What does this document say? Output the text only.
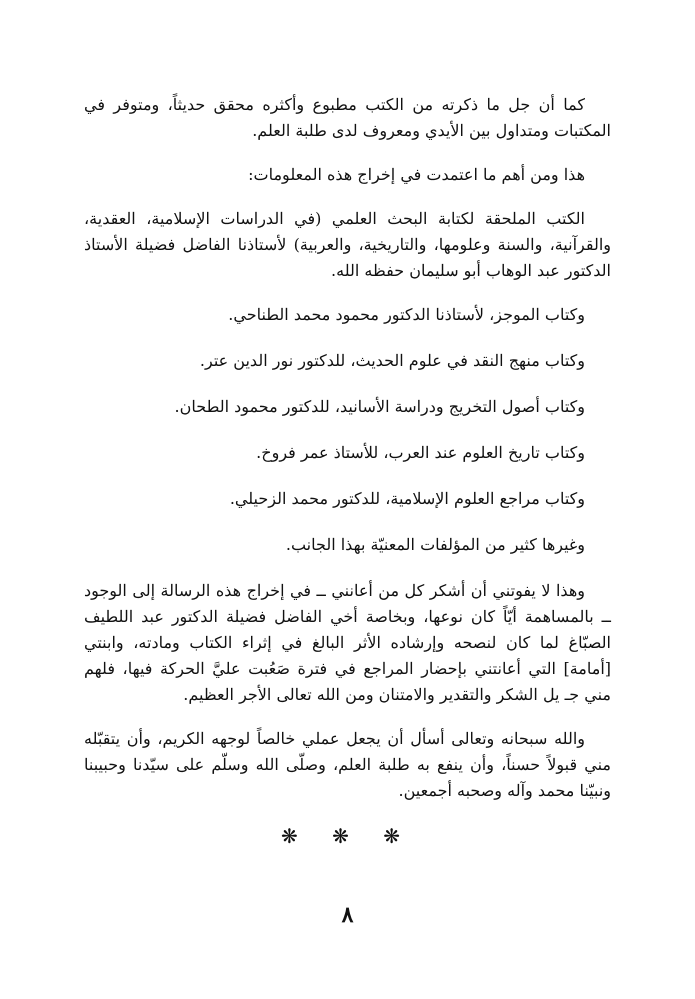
كما أن جل ما ذكرته من الكتب مطبوع وأكثره محقق حديثاً، ومتوفر في المكتبات ومتداول بين الأيدي ومعروف لدى طلبة العلم.

هذا ومن أهم ما اعتمدت في إخراج هذه المعلومات:

الكتب الملحقة لكتابة البحث العلمي (في الدراسات الإسلامية، العقدية، والقرآنية، والسنة وعلومها، والتاريخية، والعربية) لأستاذنا الفاضل فضيلة الأستاذ الدكتور عبد الوهاب أبو سليمان حفظه الله.

وكتاب الموجز، لأستاذنا الدكتور محمود محمد الطناحي.

وكتاب منهج النقد في علوم الحديث، للدكتور نور الدين عتر.

وكتاب أصول التخريج ودراسة الأسانيد، للدكتور محمود الطحان.

وكتاب تاريخ العلوم عند العرب، للأستاذ عمر فروخ.

وكتاب مراجع العلوم الإسلامية، للدكتور محمد الزحيلي.

وغيرها كثير من المؤلفات المعنيّة بهذا الجانب.

وهذا لا يفوتني أن أشكر كل من أعانني ــ في إخراج هذه الرسالة إلى الوجود ــ بالمساهمة أيّاً كان نوعها، وبخاصة أخي الفاضل فضيلة الدكتور عبد اللطيف الصبّاغ لما كان لنصحه وإرشاده الأثر البالغ في إثراء الكتاب ومادته، وابنتي [أمامة] التي أعانتني بإحضار المراجع في فترة صَعُبت عليَّ الحركة فيها، فلهم مني جـ يل الشكر والتقدير والامتنان ومن الله تعالى الأجر العظيم.

والله سبحانه وتعالى أسأل أن يجعل عملي خالصاً لوجهه الكريم، وأن يتقبّله مني قبولاً حسناً، وأن ينفع به طلبة العلم، وصلّى الله وسلّم على سيّدنا وحبيبنا ونبيّنا محمد وآله وصحبه أجمعين.

❋ ❋ ❋
٨
